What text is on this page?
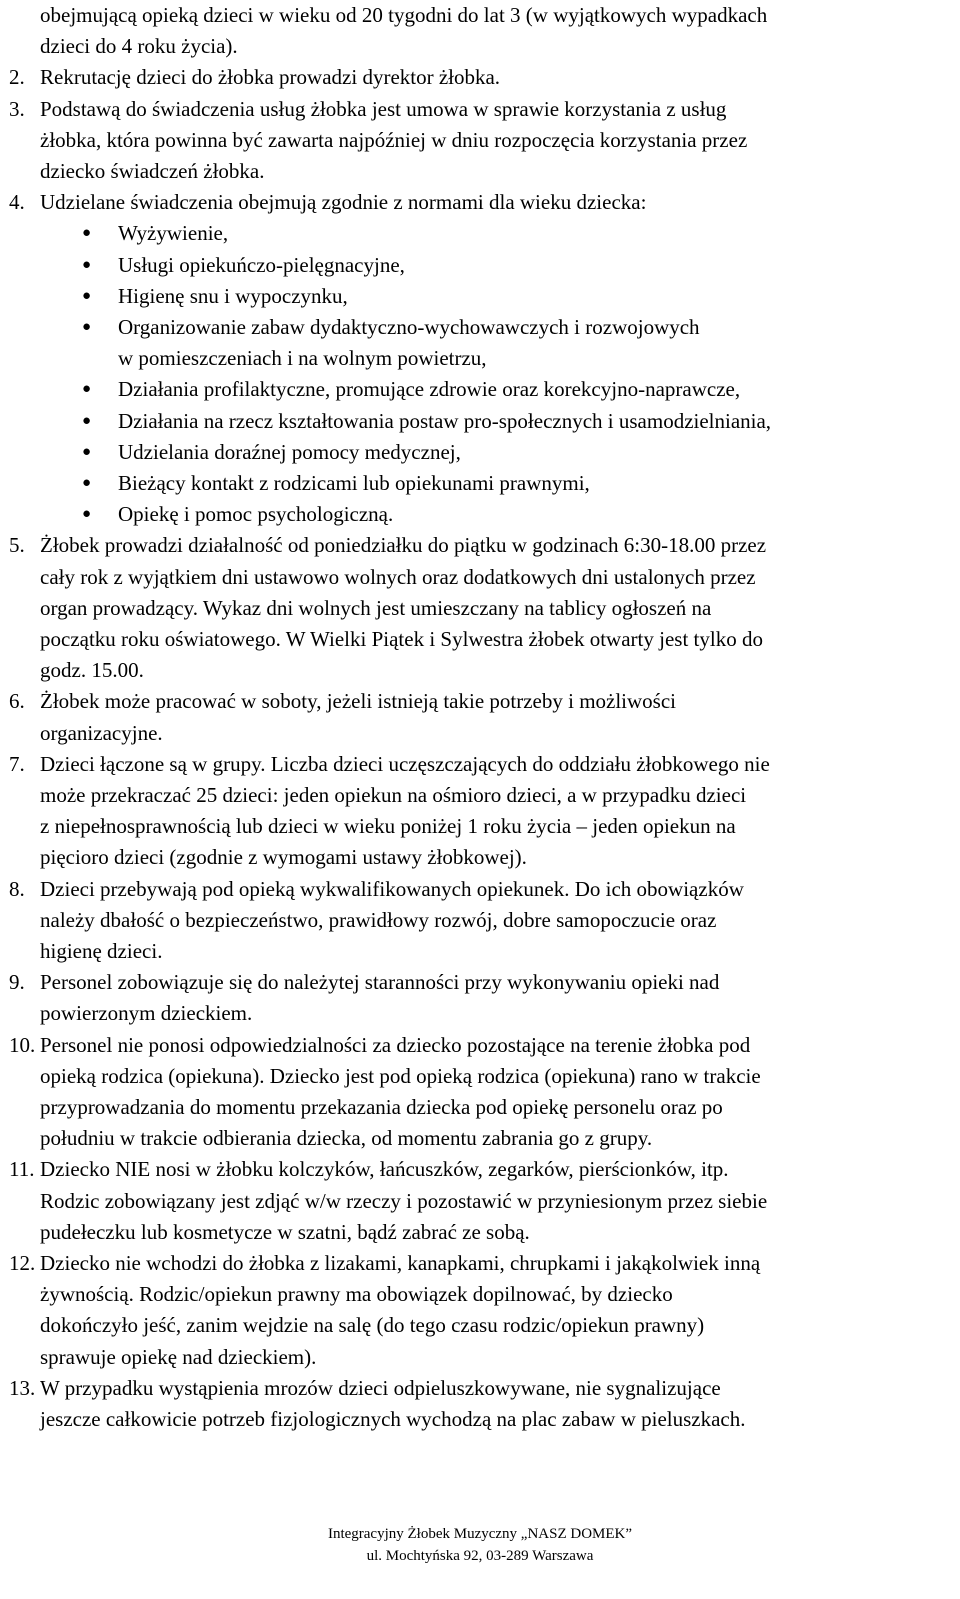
obejmującą opieką dzieci w wieku od 20 tygodni do lat 3 (w wyjątkowych wypadkach
dzieci do 4 roku życia).
2. Rekrutację dzieci do żłobka prowadzi dyrektor żłobka.
3. Podstawą do świadczenia usług żłobka jest umowa w sprawie korzystania z usług
żłobka, która powinna być zawarta najpóźniej w dniu rozpoczęcia korzystania przez
dziecko świadczeń żłobka.
4. Udzielane świadczenia obejmują zgodnie z normami dla wieku dziecka:
● Wyżywienie,
● Usługi opiekuńczo-pielęgnacyjne,
● Higienę snu i wypoczynku,
● Organizowanie zabaw dydaktyczno-wychowawczych i rozwojowych
w pomieszczeniach i na wolnym powietrzu,
● Działania profilaktyczne, promujące zdrowie oraz korekcyjno-naprawcze,
● Działania na rzecz kształtowania postaw pro-społecznych i usamodzielniania,
● Udzielania doraźnej pomocy medycznej,
● Bieżący kontakt z rodzicami lub opiekunami prawnymi,
● Opiekę i pomoc psychologiczną.
5. Żłobek prowadzi działalność od poniedziałku do piątku w godzinach 6:30-18.00 przez
cały rok z wyjątkiem dni ustawowo wolnych oraz dodatkowych dni ustalonych przez
organ prowadzący. Wykaz dni wolnych jest umieszczany na tablicy ogłoszeń na
początku roku oświatowego. W Wielki Piątek i Sylwestra żłobek otwarty jest tylko do
godz. 15.00.
6. Żłobek może pracować w soboty, jeżeli istnieją takie potrzeby i możliwości
organizacyjne.
7. Dzieci łączone są w grupy. Liczba dzieci uczęszczających do oddziału żłobkowego nie
może przekraczać 25 dzieci: jeden opiekun na ośmioro dzieci, a w przypadku dzieci
z niepełnosprawnością lub dzieci w wieku poniżej 1 roku życia – jeden opiekun na
pięcioro dzieci (zgodnie z wymogami ustawy żłobkowej).
8. Dzieci przebywają pod opieką wykwalifikowanych opiekunek. Do ich obowiązków
należy dbałość o bezpieczeństwo, prawidłowy rozwój, dobre samopoczucie oraz
higienę dzieci.
9. Personel zobowiązuje się do należytej staranności przy wykonywaniu opieki nad
powierzonym dzieckiem.
10. Personel nie ponosi odpowiedzialności za dziecko pozostające na terenie żłobka pod
opieką rodzica (opiekuna). Dziecko jest pod opieką rodzica (opiekuna) rano w trakcie
przyprowadzania do momentu przekazania dziecka pod opiekę personelu oraz po
południu w trakcie odbierania dziecka, od momentu zabrania go z grupy.
11. Dziecko NIE nosi w żłobku kolczyków, łańcuszków, zegarków, pierścionków, itp.
Rodzic zobowiązany jest zdjąć w/w rzeczy i pozostawić w przyniesionym przez siebie
pudełeczku lub kosmetycze w szatni, bądź zabrać ze sobą.
12. Dziecko nie wchodzi do żłobka z lizakami, kanapkami, chrupkami i jakąkolwiek inną
żywnością. Rodzic/opiekun prawny ma obowiązek dopilnować, by dziecko
dokończyło jeść, zanim wejdzie na salę (do tego czasu rodzic/opiekun prawny)
sprawuje opiekę nad dzieckiem).
13. W przypadku wystąpienia mrozów dzieci odpieluszkowywane, nie sygnalizujące
jeszcze całkowicie potrzeb fizjologicznych wychodzą na plac zabaw w pieluszkach.
Integracyjny Żłobek Muzyczny „NASZ DOMEK”
ul. Mochtyńska 92, 03-289 Warszawa
